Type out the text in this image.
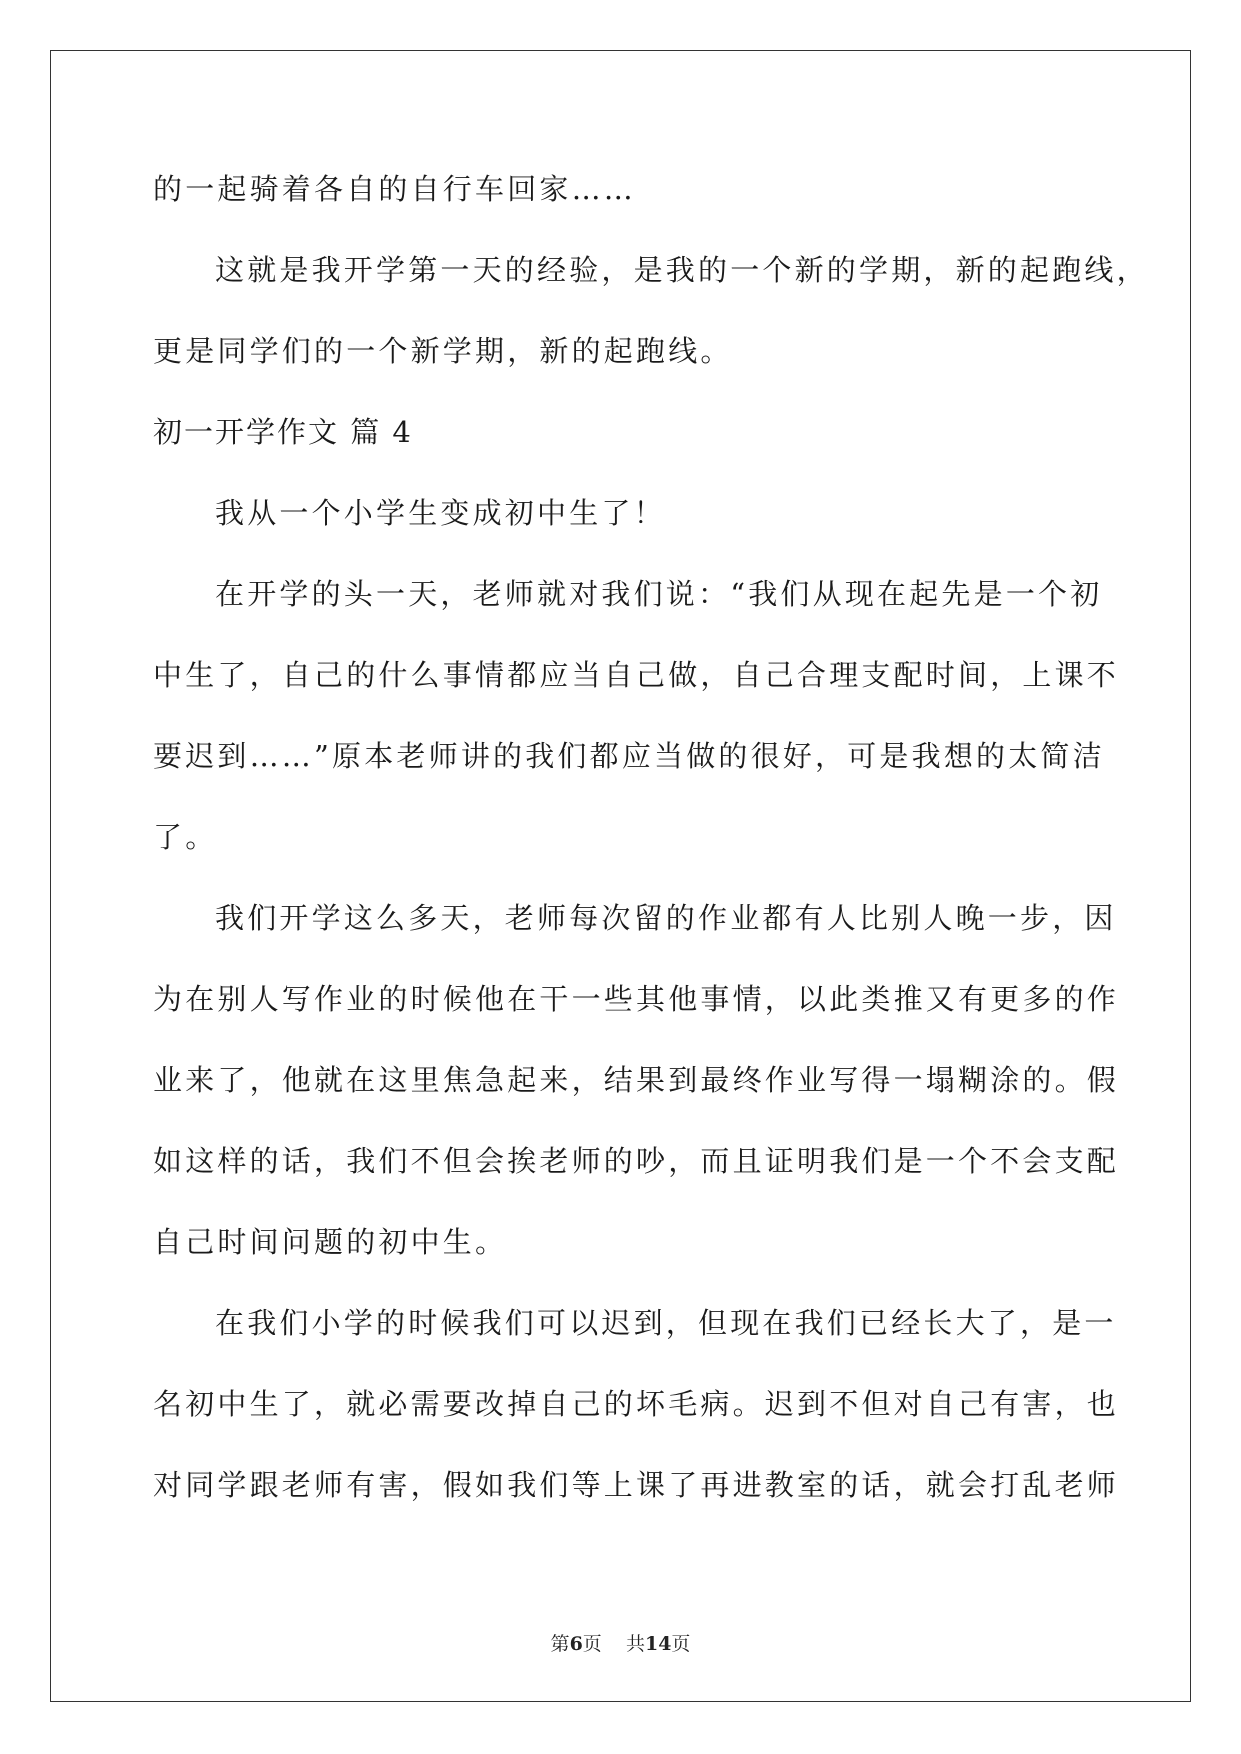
的一起骑着各自的自行车回家……
这就是我开学第一天的经验，是我的一个新的学期，新的起跑线，
更是同学们的一个新学期，新的起跑线。
初一开学作文 篇 4
我从一个小学生变成初中生了！
在开学的头一天，老师就对我们说：“我们从现在起先是一个初
中生了，自己的什么事情都应当自己做，自己合理支配时间，上课不
要迟到……”原本老师讲的我们都应当做的很好，可是我想的太简洁
了。
我们开学这么多天，老师每次留的作业都有人比别人晚一步，因
为在别人写作业的时候他在干一些其他事情，以此类推又有更多的作
业来了，他就在这里焦急起来，结果到最终作业写得一塌糊涂的。假
如这样的话，我们不但会挨老师的吵，而且证明我们是一个不会支配
自己时间问题的初中生。
在我们小学的时候我们可以迟到，但现在我们已经长大了，是一
名初中生了，就必需要改掉自己的坏毛病。迟到不但对自己有害，也
对同学跟老师有害，假如我们等上课了再进教室的话，就会打乱老师
第6页    共14页
